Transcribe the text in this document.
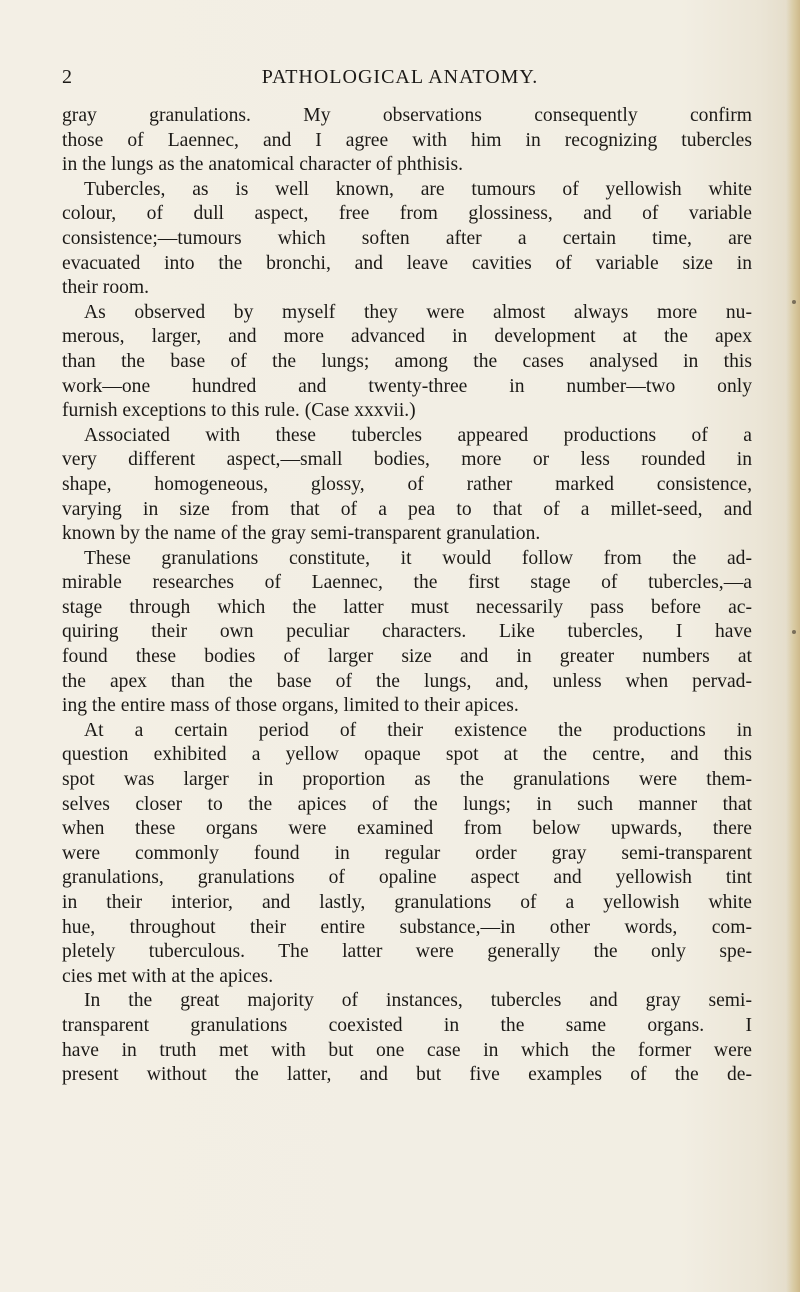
2	PATHOLOGICAL ANATOMY.
gray granulations. My observations consequently confirm
those of Laennec, and I agree with him in recognizing tubercles
in the lungs as the anatomical character of phthisis.
Tubercles, as is well known, are tumours of yellowish white
colour, of dull aspect, free from glossiness, and of variable
consistence;—tumours which soften after a certain time, are
evacuated into the bronchi, and leave cavities of variable size in
their room.
As observed by myself they were almost always more nu-
merous, larger, and more advanced in development at the apex
than the base of the lungs; among the cases analysed in this
work—one hundred and twenty-three in number—two only
furnish exceptions to this rule. (Case xxxvii.)
Associated with these tubercles appeared productions of a
very different aspect,—small bodies, more or less rounded in
shape, homogeneous, glossy, of rather marked consistence,
varying in size from that of a pea to that of a millet-seed, and
known by the name of the gray semi-transparent granulation.
These granulations constitute, it would follow from the ad-
mirable researches of Laennec, the first stage of tubercles,—a
stage through which the latter must necessarily pass before ac-
quiring their own peculiar characters. Like tubercles, I have
found these bodies of larger size and in greater numbers at
the apex than the base of the lungs, and, unless when pervad-
ing the entire mass of those organs, limited to their apices.
At a certain period of their existence the productions in
question exhibited a yellow opaque spot at the centre, and this
spot was larger in proportion as the granulations were them-
selves closer to the apices of the lungs; in such manner that
when these organs were examined from below upwards, there
were commonly found in regular order gray semi-transparent
granulations, granulations of opaline aspect and yellowish tint
in their interior, and lastly, granulations of a yellowish white
hue, throughout their entire substance,—in other words, com-
pletely tuberculous. The latter were generally the only spe-
cies met with at the apices.
In the great majority of instances, tubercles and gray semi-
transparent granulations coexisted in the same organs. I
have in truth met with but one case in which the former were
present without the latter, and but five examples of the de-
